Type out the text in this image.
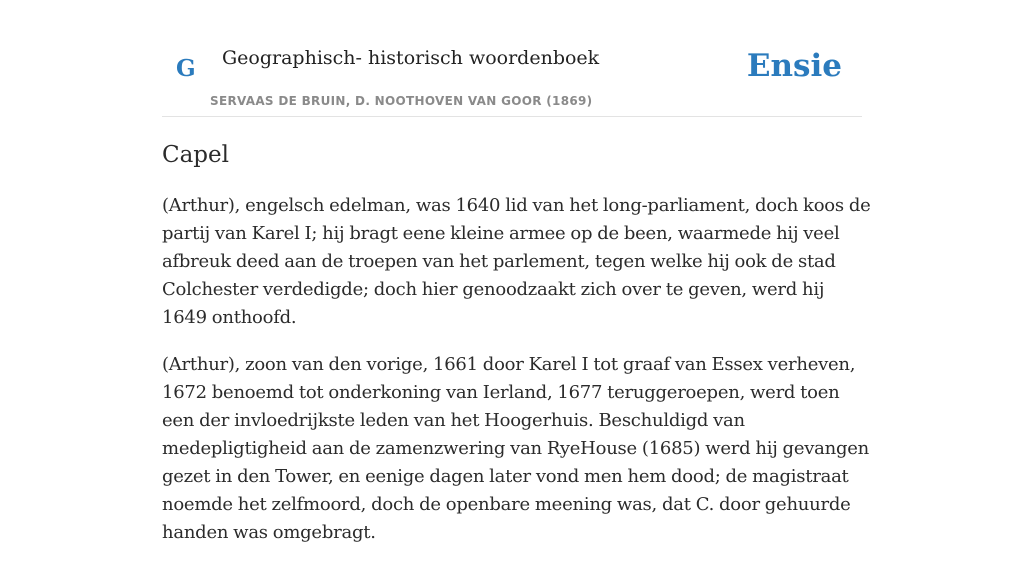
G Geographisch- historisch woordenboek
SERVAAS DE BRUIN, D. NOOTHOVEN VAN GOOR (1869)
Ensie
Capel

(Arthur), engelsch edelman, was 1640 lid van het long-parliament, doch koos de partij van Karel I; hij bragt eene kleine armee op de been, waarmede hij veel afbreuk deed aan de troepen van het parlement, tegen welke hij ook de stad Colchester verdedigde; doch hier genoodzaakt zich over te geven, werd hij 1649 onthoofd.

(Arthur), zoon van den vorige, 1661 door Karel I tot graaf van Essex verheven, 1672 benoemd tot onderkoning van Ierland, 1677 teruggeroepen, werd toen een der invloedrijkste leden van het Hoogerhuis. Beschuldigd van medepligtigheid aan de zamenzwering van RyeHouse (1685) werd hij gevangen gezet in den Tower, en eenige dagen later vond men hem dood; de magistraat noemde het zelfmoord, doch de openbare meening was, dat C. door gehuurde handen was omgebragt.
